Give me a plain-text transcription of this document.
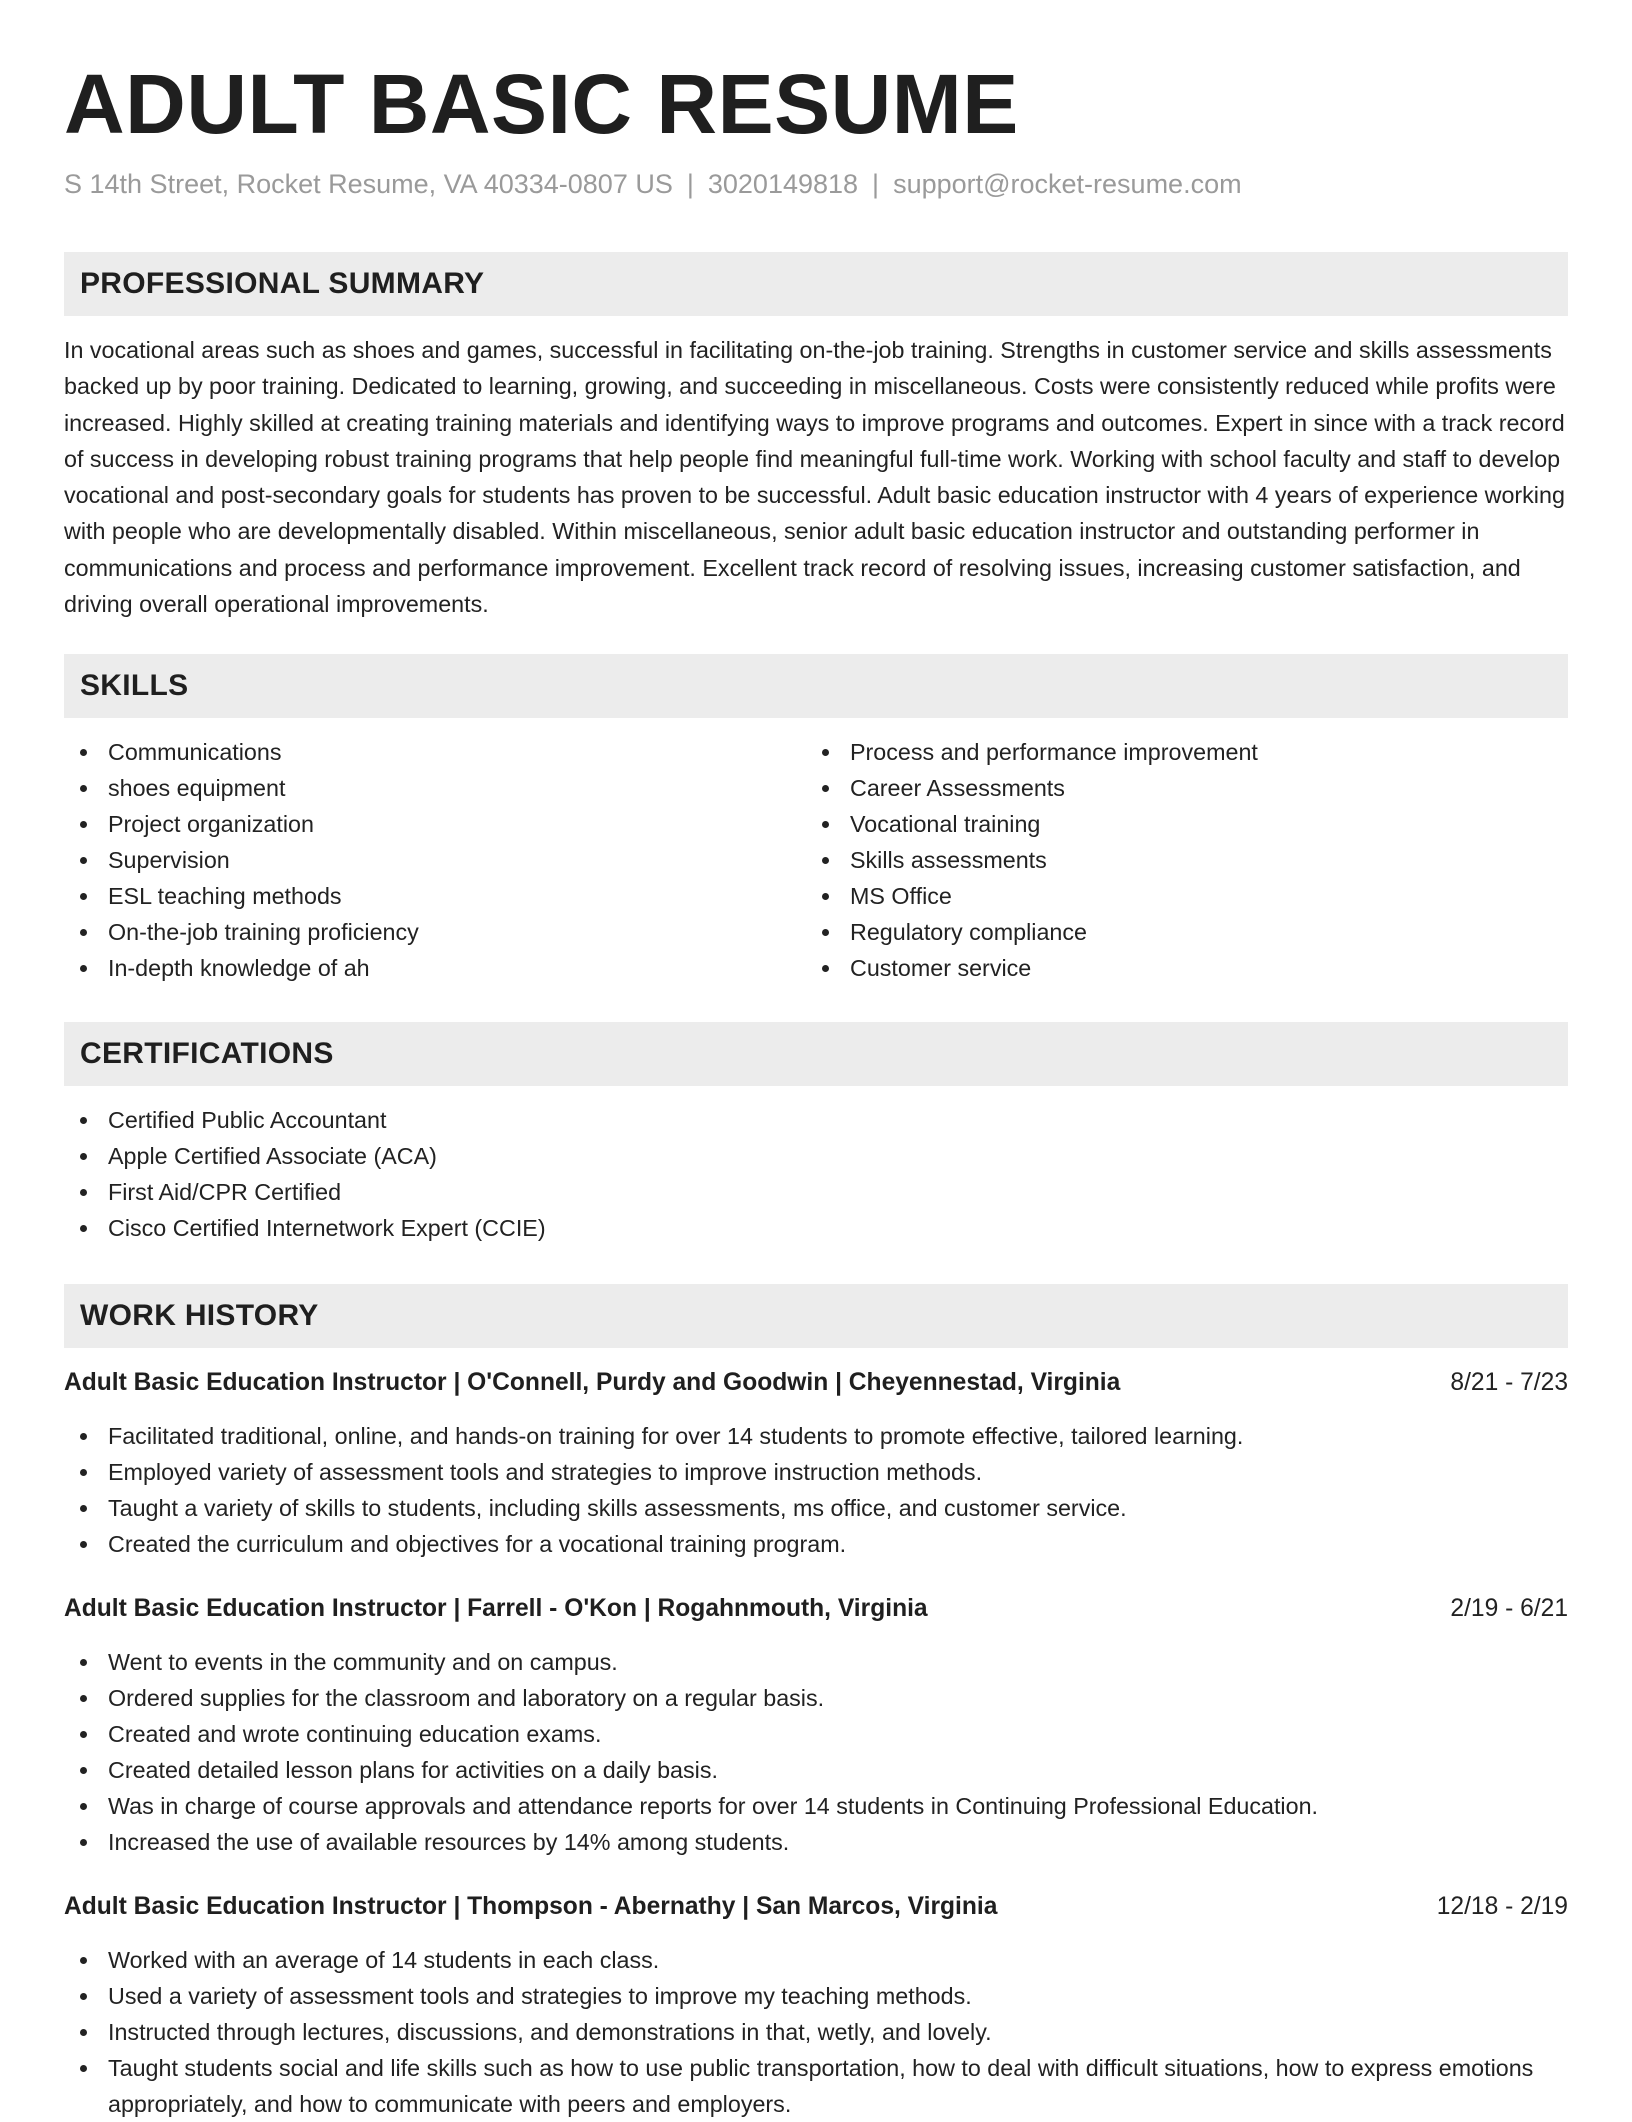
ADULT BASIC RESUME
S 14th Street, Rocket Resume, VA 40334-0807 US | 3020149818 | support@rocket-resume.com
PROFESSIONAL SUMMARY
In vocational areas such as shoes and games, successful in facilitating on-the-job training. Strengths in customer service and skills assessments backed up by poor training. Dedicated to learning, growing, and succeeding in miscellaneous. Costs were consistently reduced while profits were increased. Highly skilled at creating training materials and identifying ways to improve programs and outcomes. Expert in since with a track record of success in developing robust training programs that help people find meaningful full-time work. Working with school faculty and staff to develop vocational and post-secondary goals for students has proven to be successful. Adult basic education instructor with 4 years of experience working with people who are developmentally disabled. Within miscellaneous, senior adult basic education instructor and outstanding performer in communications and process and performance improvement. Excellent track record of resolving issues, increasing customer satisfaction, and driving overall operational improvements.
SKILLS
Communications
shoes equipment
Project organization
Supervision
ESL teaching methods
On-the-job training proficiency
In-depth knowledge of ah
Process and performance improvement
Career Assessments
Vocational training
Skills assessments
MS Office
Regulatory compliance
Customer service
CERTIFICATIONS
Certified Public Accountant
Apple Certified Associate (ACA)
First Aid/CPR Certified
Cisco Certified Internetwork Expert (CCIE)
WORK HISTORY
Adult Basic Education Instructor | O'Connell, Purdy and Goodwin | Cheyennestad, Virginia	8/21 - 7/23
Facilitated traditional, online, and hands-on training for over 14 students to promote effective, tailored learning.
Employed variety of assessment tools and strategies to improve instruction methods.
Taught a variety of skills to students, including skills assessments, ms office, and customer service.
Created the curriculum and objectives for a vocational training program.
Adult Basic Education Instructor | Farrell - O'Kon | Rogahnmouth, Virginia	2/19 - 6/21
Went to events in the community and on campus.
Ordered supplies for the classroom and laboratory on a regular basis.
Created and wrote continuing education exams.
Created detailed lesson plans for activities on a daily basis.
Was in charge of course approvals and attendance reports for over 14 students in Continuing Professional Education.
Increased the use of available resources by 14% among students.
Adult Basic Education Instructor | Thompson - Abernathy | San Marcos, Virginia	12/18 - 2/19
Worked with an average of 14 students in each class.
Used a variety of assessment tools and strategies to improve my teaching methods.
Instructed through lectures, discussions, and demonstrations in that, wetly, and lovely.
Taught students social and life skills such as how to use public transportation, how to deal with difficult situations, how to express emotions appropriately, and how to communicate with peers and employers.
